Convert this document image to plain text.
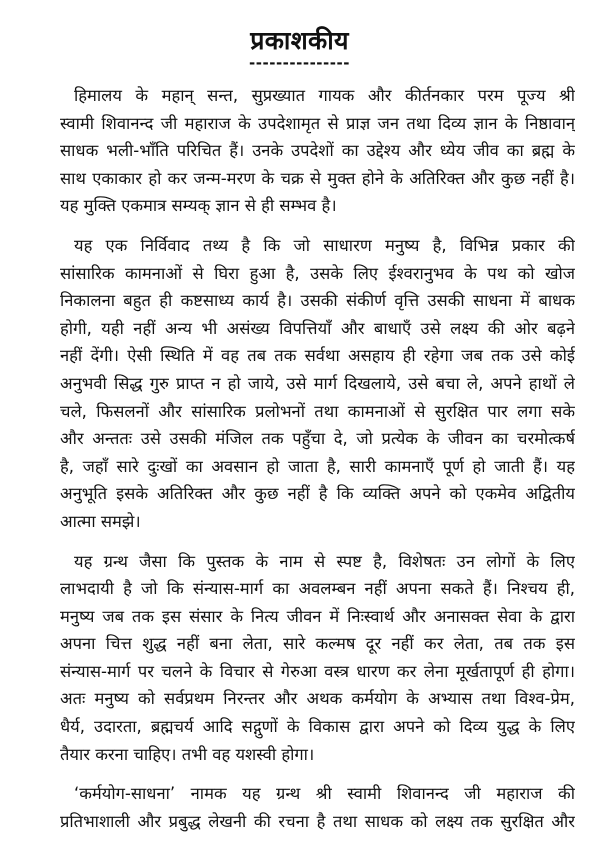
प्रकाशकीय
---------------
हिमालय के महान् सन्त, सुप्रख्यात गायक और कीर्तनकार परम पूज्य श्री
स्वामी शिवानन्द जी महाराज के उपदेशामृत से प्राज्ञ जन तथा दिव्य ज्ञान के निष्ठावान्
साधक भली-भाँति परिचित हैं। उनके उपदेशों का उद्देश्य और ध्येय जीव का ब्रह्म के
साथ एकाकार हो कर जन्म-मरण के चक्र से मुक्त होने के अतिरिक्त और कुछ नहीं है।
यह मुक्ति एकमात्र सम्यक् ज्ञान से ही सम्भव है।
यह एक निर्विवाद तथ्य है कि जो साधारण मनुष्य है, विभिन्न प्रकार की
सांसारिक कामनाओं से घिरा हुआ है, उसके लिए ईश्वरानुभव के पथ को खोज
निकालना बहुत ही कष्टसाध्य कार्य है। उसकी संकीर्ण वृत्ति उसकी साधना में बाधक
होगी, यही नहीं अन्य भी असंख्य विपत्तियाँ और बाधाएँ उसे लक्ष्य की ओर बढ़ने
नहीं देंगी। ऐसी स्थिति में वह तब तक सर्वथा असहाय ही रहेगा जब तक उसे कोई
अनुभवी सिद्ध गुरु प्राप्त न हो जाये, उसे मार्ग दिखलाये, उसे बचा ले, अपने हाथों ले
चले, फिसलनों और सांसारिक प्रलोभनों तथा कामनाओं से सुरक्षित पार लगा सके
और अन्ततः उसे उसकी मंजिल तक पहुँचा दे, जो प्रत्येक के जीवन का चरमोत्कर्ष
है, जहाँ सारे दुःखों का अवसान हो जाता है, सारी कामनाएँ पूर्ण हो जाती हैं। यह
अनुभूति इसके अतिरिक्त और कुछ नहीं है कि व्यक्ति अपने को एकमेव अद्वितीय
आत्मा समझे।
यह ग्रन्थ जैसा कि पुस्तक के नाम से स्पष्ट है, विशेषतः उन लोगों के लिए
लाभदायी है जो कि संन्यास-मार्ग का अवलम्बन नहीं अपना सकते हैं। निश्चय ही,
मनुष्य जब तक इस संसार के नित्य जीवन में निःस्वार्थ और अनासक्त सेवा के द्वारा
अपना चित्त शुद्ध नहीं बना लेता, सारे कल्मष दूर नहीं कर लेता, तब तक इस
संन्यास-मार्ग पर चलने के विचार से गेरुआ वस्त्र धारण कर लेना मूर्खतापूर्ण ही होगा।
अतः मनुष्य को सर्वप्रथम निरन्तर और अथक कर्मयोग के अभ्यास तथा विश्व-प्रेम,
धैर्य, उदारता, ब्रह्मचर्य आदि सद्गुणों के विकास द्वारा अपने को दिव्य युद्ध के लिए
तैयार करना चाहिए। तभी वह यशस्वी होगा।
‘कर्मयोग-साधना’ नामक यह ग्रन्थ श्री स्वामी शिवानन्द जी महाराज की
प्रतिभाशाली और प्रबुद्ध लेखनी की रचना है तथा साधक को लक्ष्य तक सुरक्षित और
